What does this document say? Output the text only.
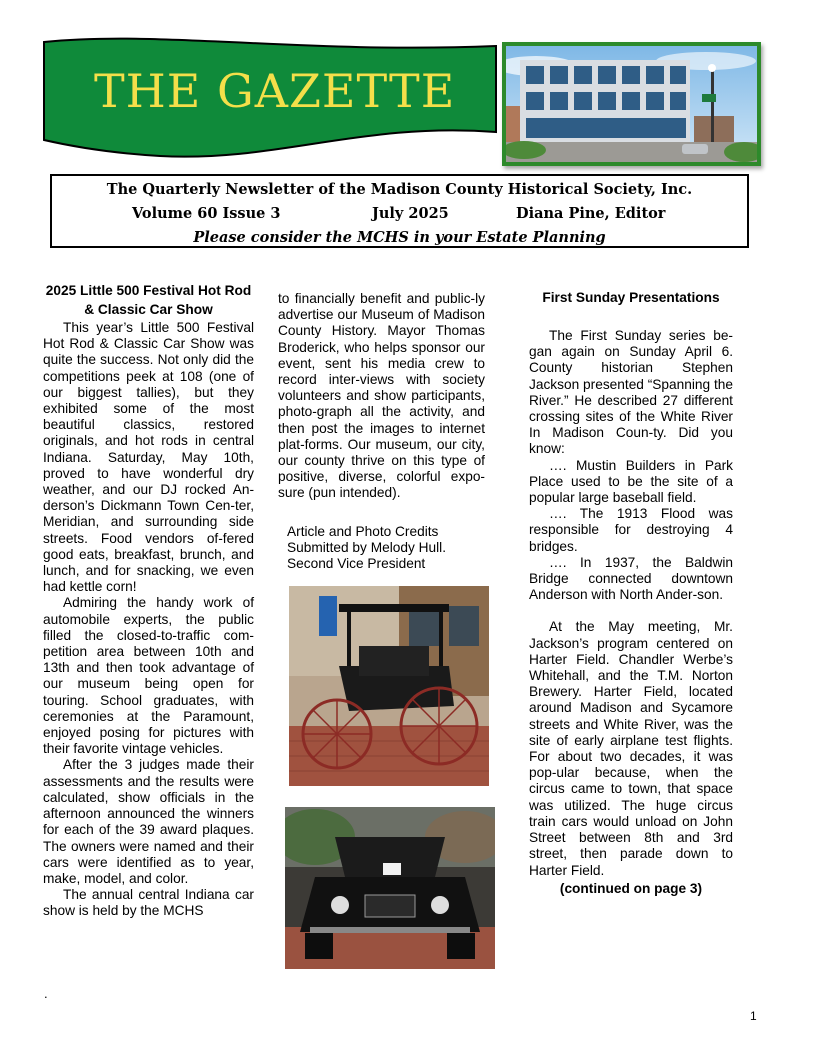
THE GAZETTE
The Quarterly Newsletter of the Madison County Historical Society, Inc.
Volume 60 Issue 3	July 2025	Diana Pine, Editor
Please consider the MCHS in your Estate Planning
2025 Little 500 Festival Hot Rod & Classic Car Show

This year’s Little 500 Festival Hot Rod & Classic Car Show was quite the success. Not only did the competitions peek at 108 (one of our biggest tallies), but they exhibited some of the most beautiful classics, restored originals, and hot rods in central Indiana. Saturday, May 10th, proved to have wonderful dry weather, and our DJ rocked An-derson’s Dickmann Town Cen-ter, Meridian, and surrounding side streets. Food vendors of-fered good eats, breakfast, brunch, and lunch, and for snacking, we even had kettle corn!

Admiring the handy work of automobile experts, the public filled the closed-to-traffic com-petition area between 10th and 13th and then took advantage of our museum being open for touring. School graduates, with ceremonies at the Paramount, enjoyed posing for pictures with their favorite vintage vehicles.

After the 3 judges made their assessments and the results were calculated, show officials in the afternoon announced the winners for each of the 39 award plaques. The owners were named and their cars were identified as to year, make, model, and color.

The annual central Indiana car show is held by the MCHS

to financially benefit and public-ly advertise our Museum of Madison County History. Mayor Thomas Broderick, who helps sponsor our event, sent his media crew to record inter-views with society volunteers and show participants, photo-graph all the activity, and then post the images to internet plat-forms. Our museum, our city, our county thrive on this type of positive, diverse, colorful expo-sure (pun intended).

Article and Photo Credits
Submitted by Melody Hull.
Second Vice President
First Sunday Presentations

The First Sunday series be-gan again on Sunday April 6. County historian Stephen Jackson presented “Spanning the River.” He described 27 different crossing sites of the White River In Madison Coun-ty. Did you know:

…. Mustin Builders in Park Place used to be the site of a popular large baseball field.

…. The 1913 Flood was responsible for destroying 4 bridges.

…. In 1937, the Baldwin Bridge connected downtown Anderson with North Ander-son.

At the May meeting, Mr. Jackson’s program centered on Harter Field. Chandler Werbe’s Whitehall, and the T.M. Norton Brewery. Harter Field, located around Madison and Sycamore streets and White River, was the site of early airplane test flights. For about two decades, it was pop-ular because, when the circus came to town, that space was utilized. The huge circus train cars would unload on John Street between 8th and 3rd street, then parade down to Harter Field.

(continued on page 3)
.
1
